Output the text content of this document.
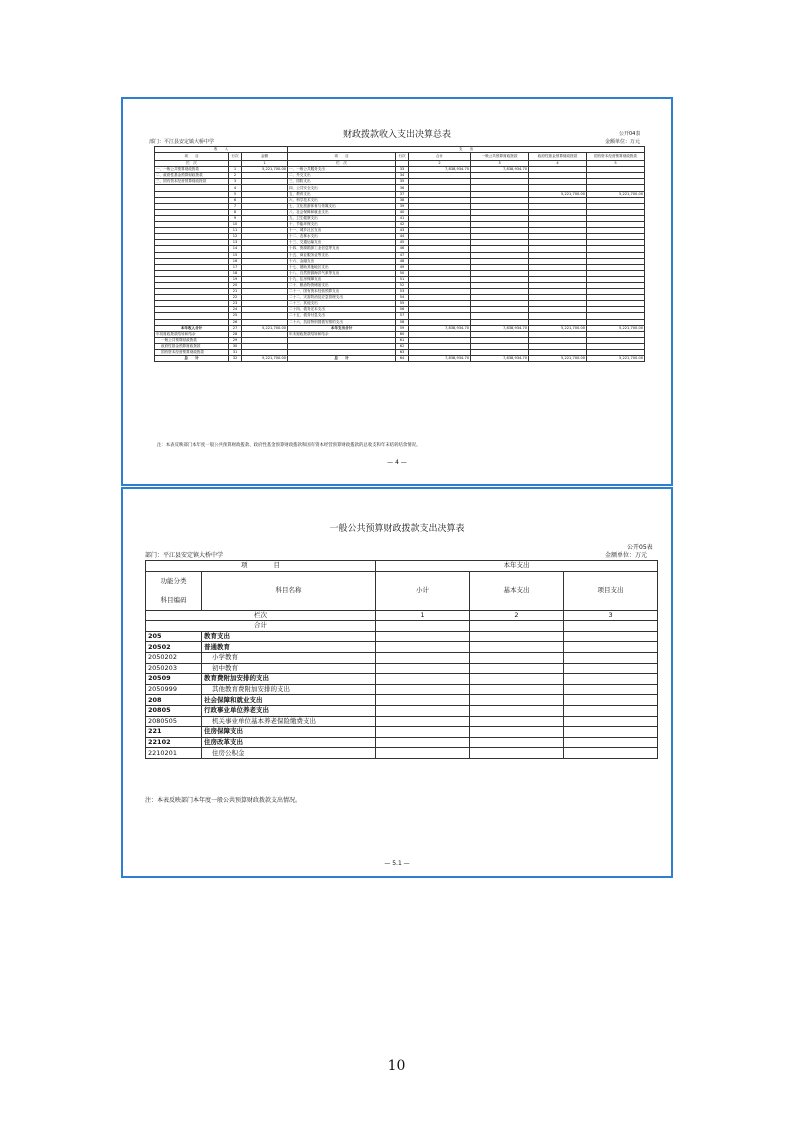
财政拨款收入支出决算总表	公开04表
部门：平江县安定镇大桥中学	金额单位：万元
收　　入			支　　出					
项　　目	行次	金额	项　　目	行次	合计	一般公共预算财政拨款	政府性基金预算财政拨款	国有资本经营预算财政拨款

栏　次		1	栏　次		2	3	4	5
一、一般公共预算财政拨款	1	5,221,700.00	一、一般公共服务支出	33	7,838,934.70	7,838,934.70		
二、政府性基金预算财政拨款	2		二、外交支出	34				
三、国有资本经营预算财政拨款	3		三、国防支出	35				
	4		四、公共安全支出	36				
	5		五、教育支出	37			5,221,700.00	5,221,700.00
	6		六、科学技术支出	38				
	7		七、文化旅游体育与传媒支出	39				
	8		八、社会保障和就业支出	40				
	9		九、卫生健康支出	41				
	10		十、节能环保支出	42				
	11		十一、城乡社区支出	43				
	12		十二、农林水支出	44				
	13		十三、交通运输支出	45				
	14		十四、资源勘探工业信息等支出	46				
	15		十五、商业服务业等支出	47				
	16		十六、金融支出	48				
	17		十七、援助其他地区支出	49				
	18		十八、自然资源海洋气象等支出	50				
	19		十九、住房保障支出	51				
	20		二十、粮油物资储备支出	52				
	21		二十一、国有资本经营预算支出	53				
	22		二十二、灾害防治及应急管理支出	54				
	23		二十三、其他支出	55				
	24		二十四、债务还本支出	56				
	25		二十五、债务付息支出	57				
	26		二十六、抗疫特别国债安排的支出	58				
本年收入合计	27	5,221,700.00	本年支出合计	59	7,838,934.70	7,838,934.70	5,221,700.00	5,221,700.00
年初财政拨款结转和结余	28		年末财政拨款结转和结余	60				
一般公共预算财政拨款	29			61				
政府性基金预算财政拨款	30			62				
国有资本经营预算财政拨款	31			63				
总　　计	32	5,221,700.00	总　　计	64	7,838,934.70	7,838,934.70	5,221,700.00	5,221,700.00
注：本表反映部门本年度一般公共预算财政拨款、政府性基金预算财政拨款和国有资本经营预算财政拨款的总收支和年末结转结余情况。
— 4 —
一般公共预算财政拨款支出决算表
公开05表
部门：平江县安定镇大桥中学	金额单位：万元
项　　　　目		本年支出		
功能分类	科目名称	小计	基本支出	项目支出
科目编码				
栏次		1	2	3
合计				
205	教育支出			
20502	普通教育			
2050202	小学教育			
2050203	初中教育			
20509	教育费附加安排的支出			
2050999	其他教育费附加安排的支出			
208	社会保障和就业支出			
20805	行政事业单位养老支出			
2080505	机关事业单位基本养老保险缴费支出			
221	住房保障支出			
22102	住房改革支出			
2210201	住房公积金			
注：本表反映部门本年度一般公共预算财政拨款支出情况。
— 5.1 —
10
